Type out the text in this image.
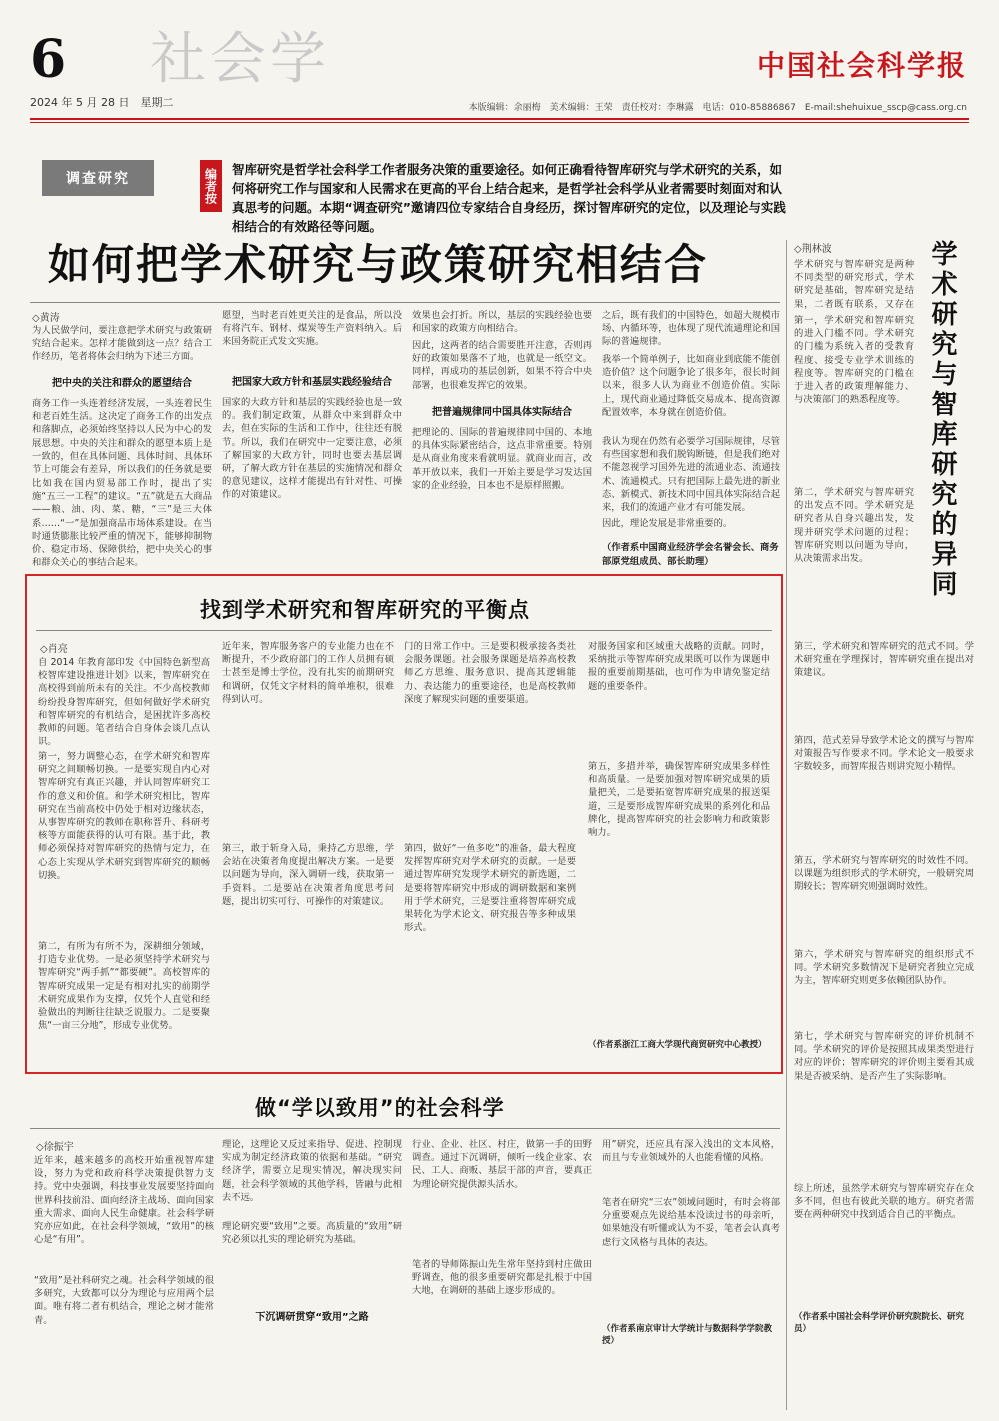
6 社会学
2024 年 5 月 28 日　星期二
中国社会科学报
本版编辑：余丽梅　美术编辑：王荣　责任校对：李琳露　电话：010-85886867　E-mail:shehuixue_sscp@cass.org.cn
调查研究	编者按	智库研究是哲学社会科学工作者服务决策的重要途径。如何正确看待智库研究与学术研究的关系，如何将研究工作与国家和人民需求在更高的平台上结合起来，是哲学社会科学从业者需要时刻面对和认真思考的问题。本期“调查研究”邀请四位专家结合自身经历，探讨智库研究的定位，以及理论与实践相结合的有效路径等问题。
如何把学术研究与政策研究相结合
◇黄涛
为人民做学问，要注意把学术研究与政策研究结合起来。怎样才能做到这一点？结合工作经历，笔者将体会归纳为下述三方面。
把中央的关注和群众的愿望结合
商务工作一头连着经济发展，一头连着民生和老百姓生活。这决定了商务工作的出发点和落脚点，必须始终坚持以人民为中心的发展思想。中央的关注和群众的愿望本质上是一致的，但在具体问题、具体时间、具体环节上可能会有差异，所以我们的任务就是要
比如我在国内贸易部工作时，提出了实施“五三一工程”的建议。“五”就是五大商品——粮、油、肉、菜、糖，“三”是三大体系……“一”是加强商品市场体系建设。在当时通货膨胀比较严重的情况下，能够抑制物价、稳定市场、保障供给，把中央关心的事和群众关心的事结合起来。
愿望，当时老百姓更关注的是食品，所以没有将汽车、钢材、煤炭等生产资料纳入。后来国务院正式发文实施。
把国家大政方针和基层实践经验结合
国家的大政方针和基层的实践经验也是一致的。我们制定政策，从群众中来到群众中去，但在实际的生活和工作中，往往还有脱节。所以，我们在研究中一定要注意，必须了解国家的大政方针，同时也要去基层调研，了解大政方针在基层的实施情况和群众的意见建议，这样才能提出有针对性、可操作的对策建议。
效果也会打折。所以，基层的实践经验也要和国家的政策方向相结合。
因此，这两者的结合需要胜开注意，否则再好的政策如果落不了地，也就是一纸空文。同样，再成功的基层创新，如果不符合中央部署，也很难发挥它的效果。
把普遍规律同中国具体实际结合
把理论的、国际的普遍规律同中国的、本地的具体实际紧密结合，这点非常重要。特别是从商业角度来看就明显。就商业而言，改革开放以来，我们一开始主要是学习发达国家的企业经验，日本也不是原样照搬。
之后，既有我们的中国特色，如超大规模市场、内循环等，也体现了现代流通理论和国际的普遍规律。
我举一个简单例子，比如商业到底能不能创造价值？这个问题争论了很多年，很长时间以来，很多人认为商业不创造价值。实际上，现代商业通过降低交易成本、提高资源配置效率，本身就在创造价值。
我认为现在仍然有必要学习国际规律，尽管有些国家想和我们脱钩断链，但是我们绝对不能忽视学习国外先进的流通业态、流通技术、流通模式。只有把国际上最先进的新业态、新模式、新技术同中国具体实际结合起来，我们的流通产业才有可能发展。
因此，理论发展是非常重要的。
（作者系中国商业经济学会名誉会长、商务部原党组成员、部长助理）
找到学术研究和智库研究的平衡点
◇肖亮
自 2014 年教育部印发《中国特色新型高校智库建设推进计划》以来，智库研究在高校得到前所未有的关注。不少高校教师纷纷投身智库研究，但如何做好学术研究和智库研究的有机结合，是困扰许多高校教师的问题。笔者结合自身体会谈几点认识。
第一，努力调整心态，在学术研究和智库研究之间顺畅切换。一是要实现自内心对智库研究有真正兴趣，并认同智库研究工作的意义和价值。和学术研究相比，智库研究在当前高校中仍处于相对边缘状态，从事智库研究的教师在职称晋升、科研考核等方面能获得的认可有限。基于此，教师必须保持对智库研究的热情与定力，在心态上实现从学术研究到智库研究的顺畅切换。
第二，有所为有所不为，深耕细分领域，打造专业优势。一是必须坚持学术研究与智库研究“两手抓”“都要硬”。高校智库的智库研究成果一定是有相对扎实的前期学术研究成果作为支撑，仅凭个人直觉和经验做出的判断往往缺乏说服力。二是要聚焦“一亩三分地”，形成专业优势。
近年来，智库服务客户的专业能力也在不断提升，不少政府部门的工作人员拥有硕士甚至是博士学位，没有扎实的前期研究和调研，仅凭文字材料的简单堆积，很难得到认可。
第三，敢于斩身入局，秉持乙方思维，学会站在决策者角度提出解决方案。一是要以问题为导向，深入调研一线，获取第一手资料。二是要站在决策者角度思考问题，提出切实可行、可操作的对策建议。
门的日常工作中。三是要积极承接各类社会服务课题。社会服务课题是培养高校教师乙方思维、服务意识、提高其逻辑能力、表达能力的重要途径，也是高校教师深度了解现实问题的重要渠道。
第四，做好“一鱼多吃”的准备，最大程度发挥智库研究对学术研究的贡献。一是要通过智库研究发现学术研究的新选题，二是要将智库研究中形成的调研数据和案例用于学术研究，三是要注重将智库研究成果转化为学术论文、研究报告等多种成果形式。
对服务国家和区域重大战略的贡献。同时，采纳批示等智库研究成果既可以作为课题申报的重要前期基础，也可作为申请免鉴定结题的重要条件。
第五，多措并举，确保智库研究成果多样性和高质量。一是要加强对智库研究成果的质量把关，二是要拓宽智库研究成果的报送渠道，三是要形成智库研究成果的系列化和品牌化，提高智库研究的社会影响力和政策影响力。
（作者系浙江工商大学现代商贸研究中心教授）
做“学以致用”的社会科学
◇徐振宇
近年来，越来越多的高校开始重视智库建设，努力为党和政府科学决策提供智力支持。党中央强调，科技事业发展要坚持面向世界科技前沿、面向经济主战场、面向国家重大需求、面向人民生命健康。社会科学研究亦应如此，在社会科学领域，“致用”的核心是“有用”。
“致用”是社科研究之魂。社会科学领域的很多研究，大致都可以分为理论与应用两个层面。唯有将二者有机结合，理论之树才能常青。
理论，这理论又反过来指导、促进、控制现实成为制定经济政策的依据和基础。“研究经济学，需要立足现实情况，解决现实问题，社会科学领域的其他学科，皆融与此相去不远。
理论研究要“致用”之要。高质量的“致用”研究必须以扎实的理论研究为基础。
下沉调研贯穿“致用”之路
行业、企业、社区、村庄，做第一手的田野调查。通过下沉调研，倾听一线企业家、农民、工人、商贩、基层干部的声音，要真正为理论研究提供源头活水。
笔者的导师陈振山先生常年坚持到村庄做田野调查，他的很多重要研究都是扎根于中国大地，在调研的基础上逐步形成的。
用”研究，还应具有深入浅出的文本风格，而且与专业领域外的人也能看懂的风格。
笔者在研究“三农”领域问题时，有时会将部分重要观点先说给基本没读过书的母亲听，如果她没有听懂或认为不妥，笔者会认真考虑行文风格与具体的表达。
（作者系南京审计大学统计与数据科学学院教授）
◇荆林波	学术研究与智库研究的异同
学术研究与智库研究是两种不同类型的研究形式，学术研究是基础，智库研究是结果，二者既有联系，又存在
第一，学术研究和智库研究的进入门槛不同。学术研究的门槛为系统入者的受教育程度、接受专业学术训练的程度等。智库研究的门槛在于进入者的政策理解能力、与决策部门的熟悉程度等。
第二，学术研究与智库研究的出发点不同。学术研究是研究者从自身兴趣出发，发现并研究学术问题的过程；智库研究则以问题为导向，从决策需求出发。
第三，学术研究和智库研究的范式不同。学术研究重在学理探讨，智库研究重在提出对策建议。
第四，范式差异导致学术论文的撰写与智库对策报告写作要求不同。学术论文一般要求字数较多，而智库报告则讲究短小精悍。
第五，学术研究与智库研究的时效性不同。以课题为组织形式的学术研究，一般研究周期较长；智库研究则强调时效性。
第六，学术研究与智库研究的组织形式不同。学术研究多数情况下是研究者独立完成为主，智库研究则更多依赖团队协作。
第七，学术研究与智库研究的评价机制不同。学术研究的评价是按照其成果类型进行对应的评价；智库研究的评价则主要看其成果是否被采纳、是否产生了实际影响。
综上所述，虽然学术研究与智库研究存在众多不同，但也有彼此关联的地方。研究者需要在两种研究中找到适合自己的平衡点。
（作者系中国社会科学评价研究院院长、研究员）
